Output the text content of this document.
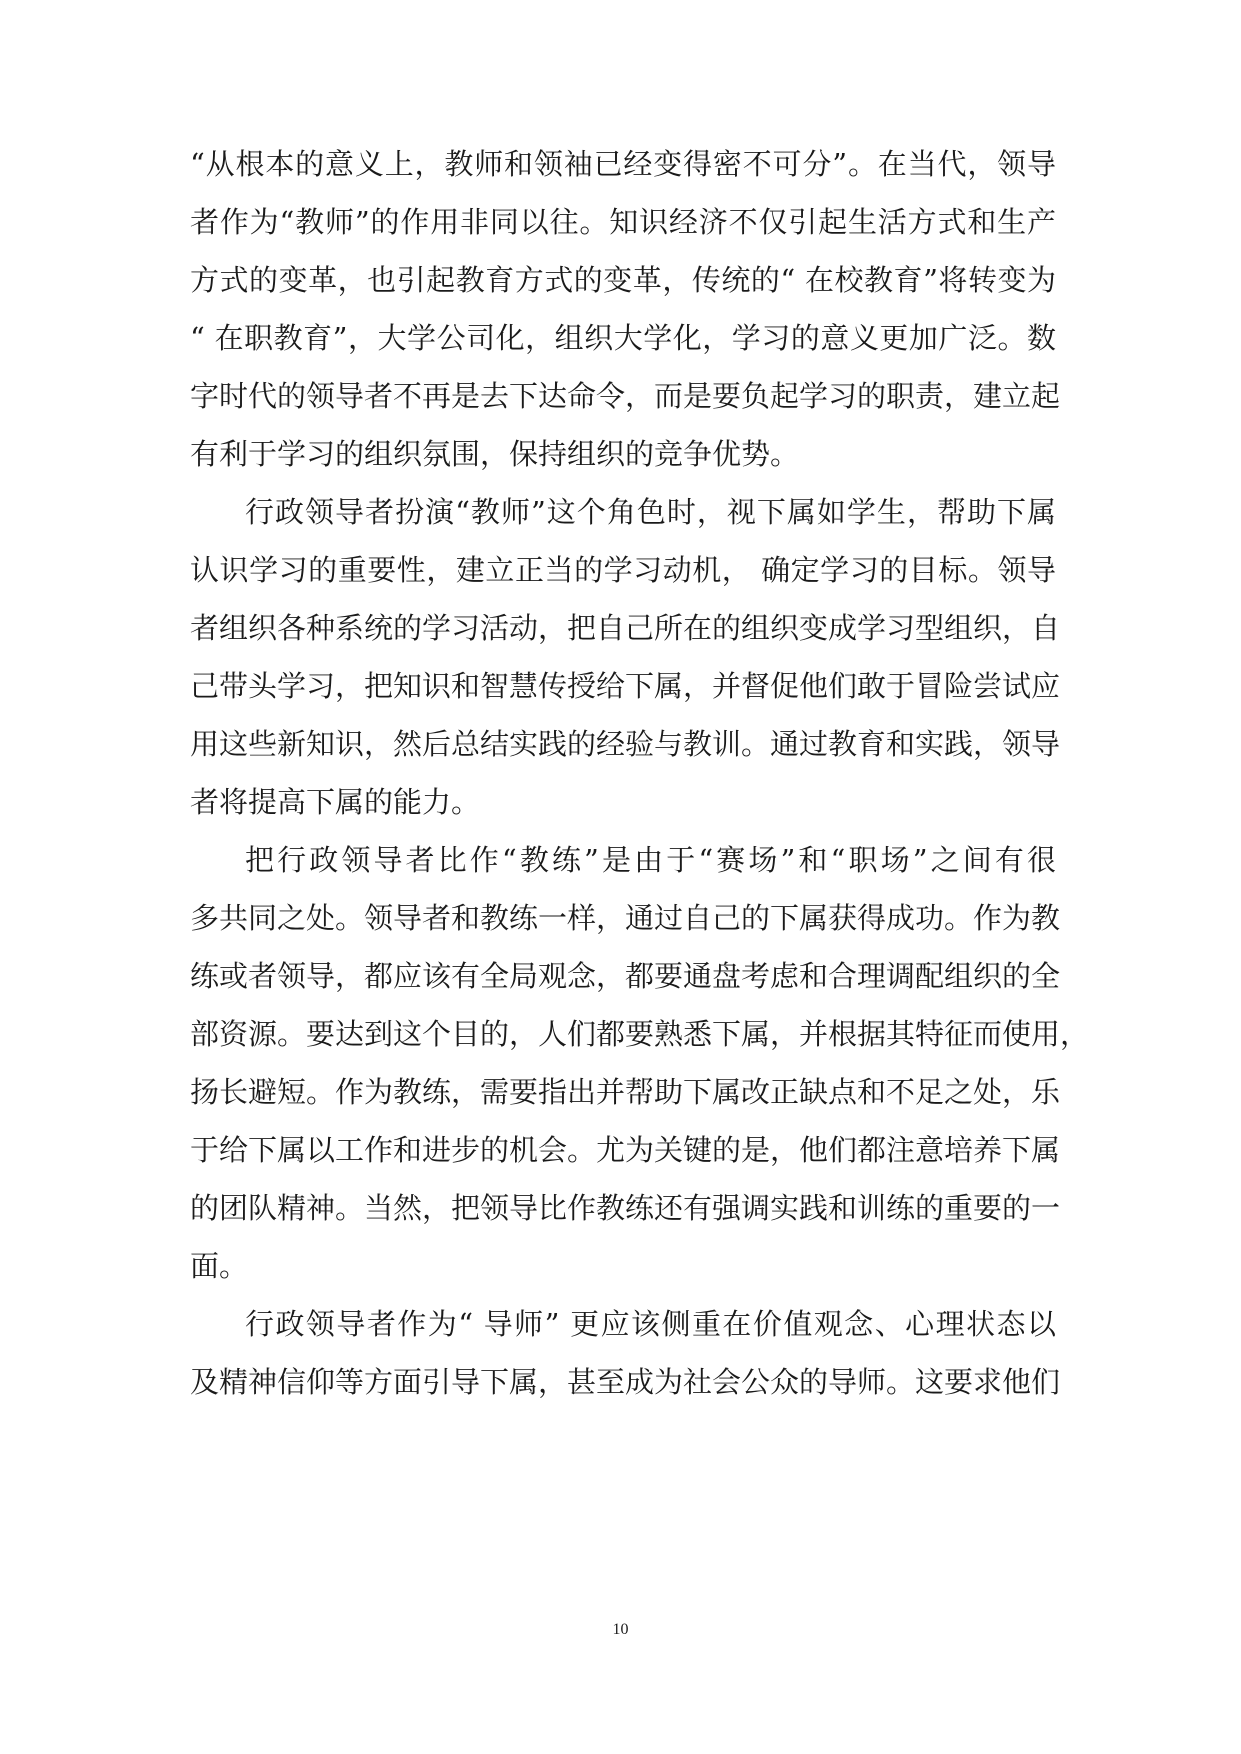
“从根本的意义上，教师和领袖已经变得密不可分”。在当代，领导
者作为“教师”的作用非同以往。知识经济不仅引起生活方式和生产
方式的变革，也引起教育方式的变革，传统的“ 在校教育”将转变为
“ 在职教育”，大学公司化，组织大学化，学习的意义更加广泛。数
字时代的领导者不再是去下达命令，而是要负起学习的职责，建立起
有利于学习的组织氛围，保持组织的竞争优势。
行政领导者扮演“教师”这个角色时，视下属如学生，帮助下属
认识学习的重要性，建立正当的学习动机， 确定学习的目标。领导
者组织各种系统的学习活动，把自己所在的组织变成学习型组织，自
己带头学习，把知识和智慧传授给下属，并督促他们敢于冒险尝试应
用这些新知识，然后总结实践的经验与教训。通过教育和实践，领导
者将提高下属的能力。
把行政领导者比作“教练”是由于“赛场”和“职场”之间有很
多共同之处。领导者和教练一样，通过自己的下属获得成功。作为教
练或者领导，都应该有全局观念，都要通盘考虑和合理调配组织的全
部资源。要达到这个目的，人们都要熟悉下属，并根据其特征而使用，
扬长避短。作为教练，需要指出并帮助下属改正缺点和不足之处，乐
于给下属以工作和进步的机会。尤为关键的是，他们都注意培养下属
的团队精神。当然，把领导比作教练还有强调实践和训练的重要的一
面。
行政领导者作为“ 导师” 更应该侧重在价值观念、心理状态以
及精神信仰等方面引导下属，甚至成为社会公众的导师。这要求他们
10
